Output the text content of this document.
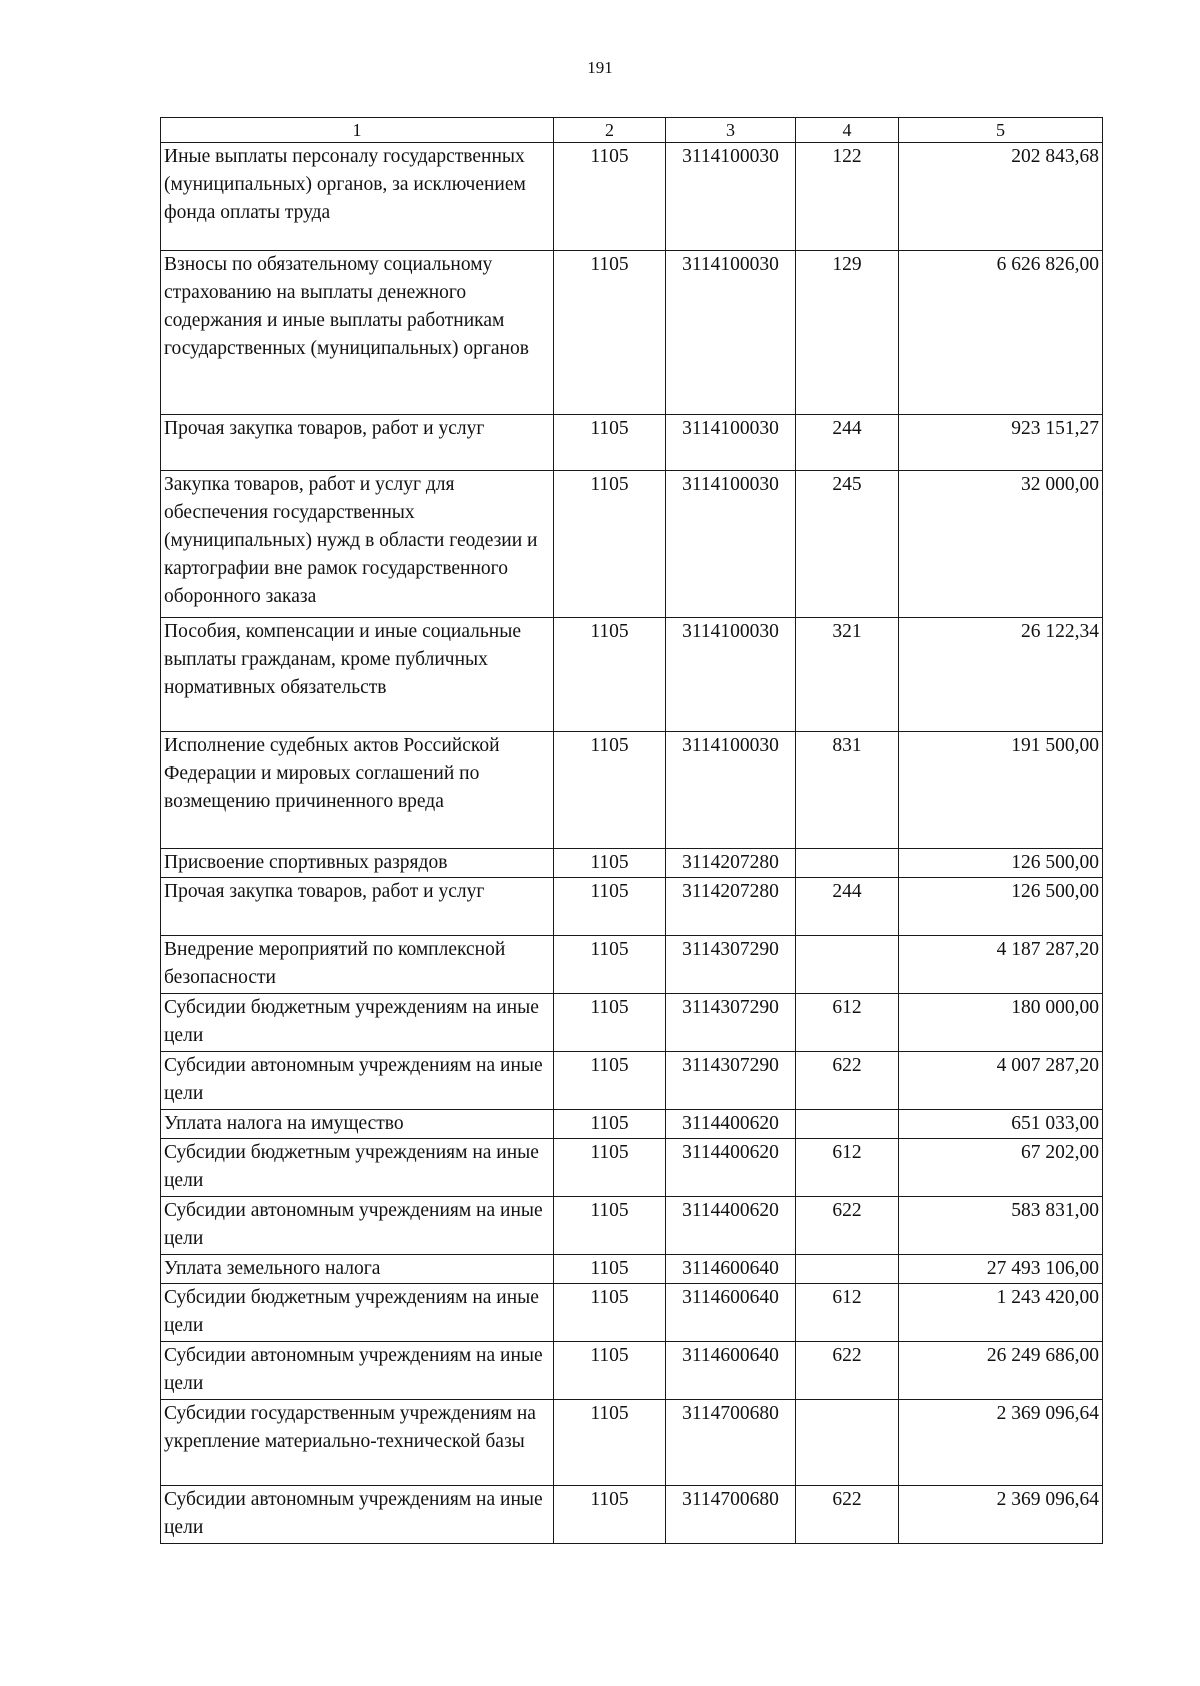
191
1	2	3	4	5
Иные выплаты персоналу государственных (муниципальных) органов, за исключением фонда оплаты труда	1105	3114100030	122	202 843,68
Взносы по обязательному социальному страхованию на выплаты денежного содержания и иные выплаты работникам государственных (муниципальных) органов	1105	3114100030	129	6 626 826,00
Прочая закупка товаров, работ и услуг	1105	3114100030	244	923 151,27
Закупка товаров, работ и услуг для обеспечения государственных (муниципальных) нужд в области геодезии и картографии вне рамок государственного оборонного заказа	1105	3114100030	245	32 000,00
Пособия, компенсации и иные социальные выплаты гражданам, кроме публичных нормативных обязательств	1105	3114100030	321	26 122,34
Исполнение судебных актов Российской Федерации и мировых соглашений по возмещению причиненного вреда	1105	3114100030	831	191 500,00
Присвоение спортивных разрядов	1105	3114207280		126 500,00
Прочая закупка товаров, работ и услуг	1105	3114207280	244	126 500,00
Внедрение мероприятий по комплексной безопасности	1105	3114307290		4 187 287,20
Субсидии бюджетным учреждениям на иные цели	1105	3114307290	612	180 000,00
Субсидии автономным учреждениям на иные цели	1105	3114307290	622	4 007 287,20
Уплата налога на имущество	1105	3114400620		651 033,00
Субсидии бюджетным учреждениям на иные цели	1105	3114400620	612	67 202,00
Субсидии автономным учреждениям на иные цели	1105	3114400620	622	583 831,00
Уплата земельного налога	1105	3114600640		27 493 106,00
Субсидии бюджетным учреждениям на иные цели	1105	3114600640	612	1 243 420,00
Субсидии автономным учреждениям на иные цели	1105	3114600640	622	26 249 686,00
Субсидии государственным учреждениям на укрепление материально-технической базы	1105	3114700680		2 369 096,64
Субсидии автономным учреждениям на иные цели	1105	3114700680	622	2 369 096,64
